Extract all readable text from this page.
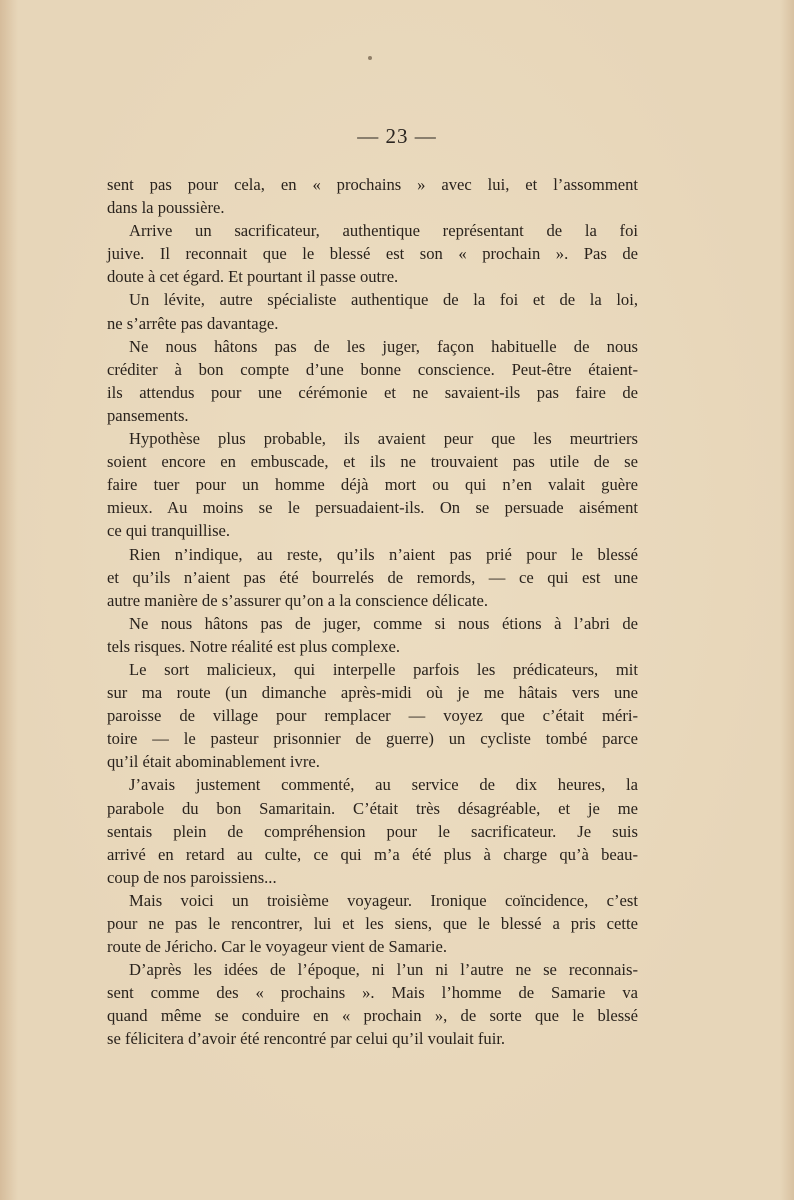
— 23 —
sent pas pour cela, en « prochains » avec lui, et l’assomment
dans la poussière.
Arrive un sacrificateur, authentique représentant de la foi
juive. Il reconnait que le blessé est son « prochain ». Pas de
doute à cet égard. Et pourtant il passe outre.
Un lévite, autre spécialiste authentique de la foi et de la loi,
ne s’arrête pas davantage.
Ne nous hâtons pas de les juger, façon habituelle de nous
créditer à bon compte d’une bonne conscience. Peut-être étaient-
ils attendus pour une cérémonie et ne savaient-ils pas faire de
pansements.
Hypothèse plus probable, ils avaient peur que les meurtriers
soient encore en embuscade, et ils ne trouvaient pas utile de se
faire tuer pour un homme déjà mort ou qui n’en valait guère
mieux. Au moins se le persuadaient-ils. On se persuade aisément
ce qui tranquillise.
Rien n’indique, au reste, qu’ils n’aient pas prié pour le blessé
et qu’ils n’aient pas été bourrelés de remords, — ce qui est une
autre manière de s’assurer qu’on a la conscience délicate.
Ne nous hâtons pas de juger, comme si nous étions à l’abri de
tels risques. Notre réalité est plus complexe.
Le sort malicieux, qui interpelle parfois les prédicateurs, mit
sur ma route (un dimanche après-midi où je me hâtais vers une
paroisse de village pour remplacer — voyez que c’était méri-
toire — le pasteur prisonnier de guerre) un cycliste tombé parce
qu’il était abominablement ivre.
J’avais justement commenté, au service de dix heures, la
parabole du bon Samaritain. C’était très désagréable, et je me
sentais plein de compréhension pour le sacrificateur. Je suis
arrivé en retard au culte, ce qui m’a été plus à charge qu’à beau-
coup de nos paroissiens...
Mais voici un troisième voyageur. Ironique coïncidence, c’est
pour ne pas le rencontrer, lui et les siens, que le blessé a pris cette
route de Jéricho. Car le voyageur vient de Samarie.
D’après les idées de l’époque, ni l’un ni l’autre ne se reconnais-
sent comme des « prochains ». Mais l’homme de Samarie va
quand même se conduire en « prochain », de sorte que le blessé
se félicitera d’avoir été rencontré par celui qu’il voulait fuir.
